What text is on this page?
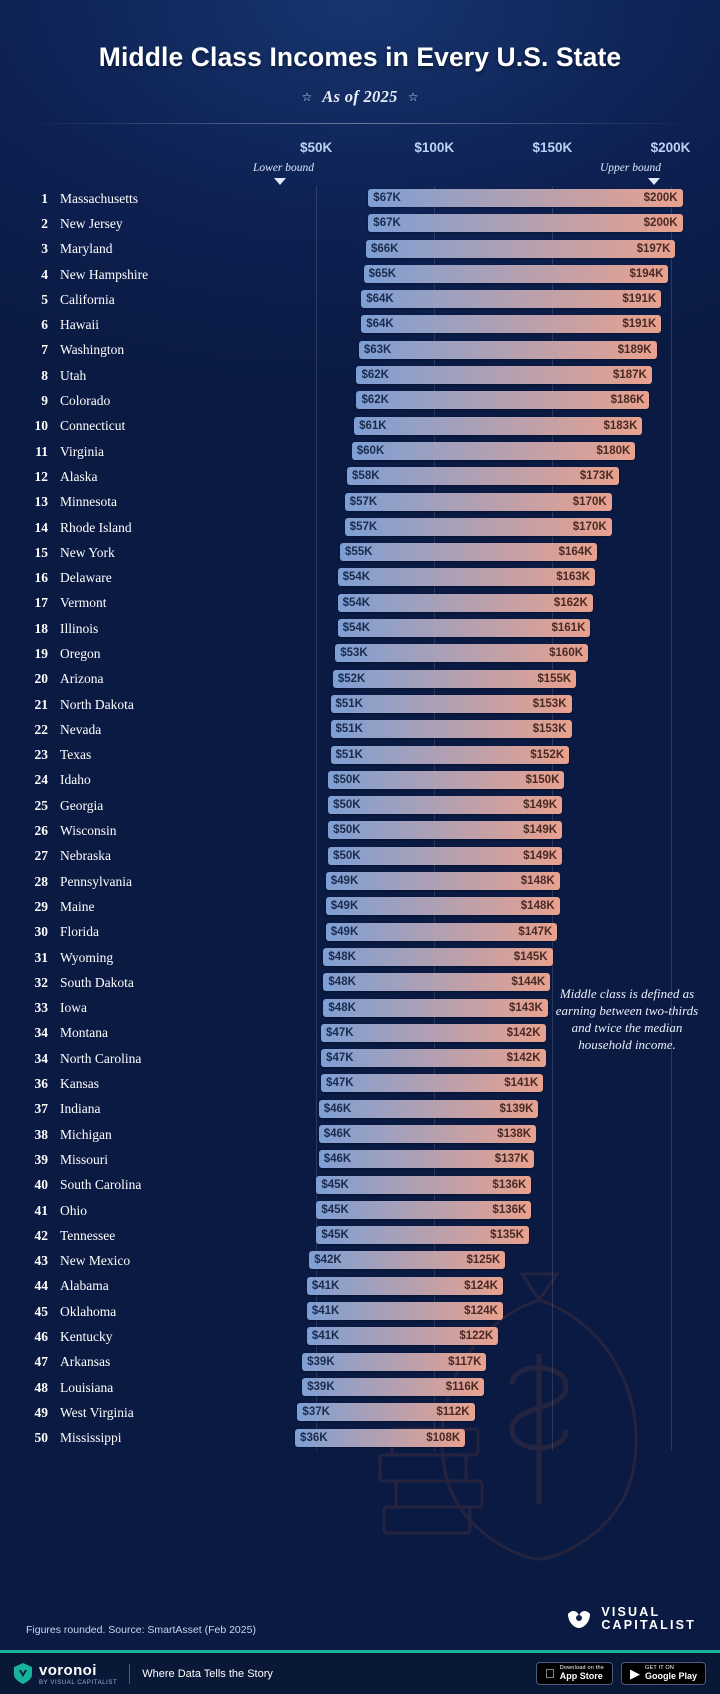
Middle Class Incomes in Every U.S. State
☆ As of 2025 ☆
Middle class is defined as earning between two-thirds and twice the median household income.
$50K	$100K	$150K	$200K
Lower bound	Upper bound
1 Massachusetts	$67K	$200K
2 New Jersey	$67K	$200K
3 Maryland	$66K	$197K
4 New Hampshire	$65K	$194K
5 California	$64K	$191K
6 Hawaii	$64K	$191K
7 Washington	$63K	$189K
8 Utah	$62K	$187K
9 Colorado	$62K	$186K
10 Connecticut	$61K	$183K
11 Virginia	$60K	$180K
12 Alaska	$58K	$173K
13 Minnesota	$57K	$170K
14 Rhode Island	$57K	$170K
15 New York	$55K	$164K
16 Delaware	$54K	$163K
17 Vermont	$54K	$162K
18 Illinois	$54K	$161K
19 Oregon	$53K	$160K
20 Arizona	$52K	$155K
21 North Dakota	$51K	$153K
22 Nevada	$51K	$153K
23 Texas	$51K	$152K
24 Idaho	$50K	$150K
25 Georgia	$50K	$149K
26 Wisconsin	$50K	$149K
27 Nebraska	$50K	$149K
28 Pennsylvania	$49K	$148K
29 Maine	$49K	$148K
30 Florida	$49K	$147K
31 Wyoming	$48K	$145K
32 South Dakota	$48K	$144K
33 Iowa	$48K	$143K
34 Montana	$47K	$142K
34 North Carolina	$47K	$142K
36 Kansas	$47K	$141K
37 Indiana	$46K	$139K
38 Michigan	$46K	$138K
39 Missouri	$46K	$137K
40 South Carolina	$45K	$136K
41 Ohio	$45K	$136K
42 Tennessee	$45K	$135K
43 New Mexico	$42K	$125K
44 Alabama	$41K	$124K
45 Oklahoma	$41K	$124K
46 Kentucky	$41K	$122K
47 Arkansas	$39K	$117K
48 Louisiana	$39K	$116K
49 West Virginia	$37K	$112K
50 Mississippi	$36K	$108K
Figures rounded. Source: SmartAsset (Feb 2025)
VISUAL
CAPITALIST
voronoi
BY VISUAL CAPITALIST
Where Data Tells the Story	Download on the
App Store ▶ GET IT ON
Google Play
